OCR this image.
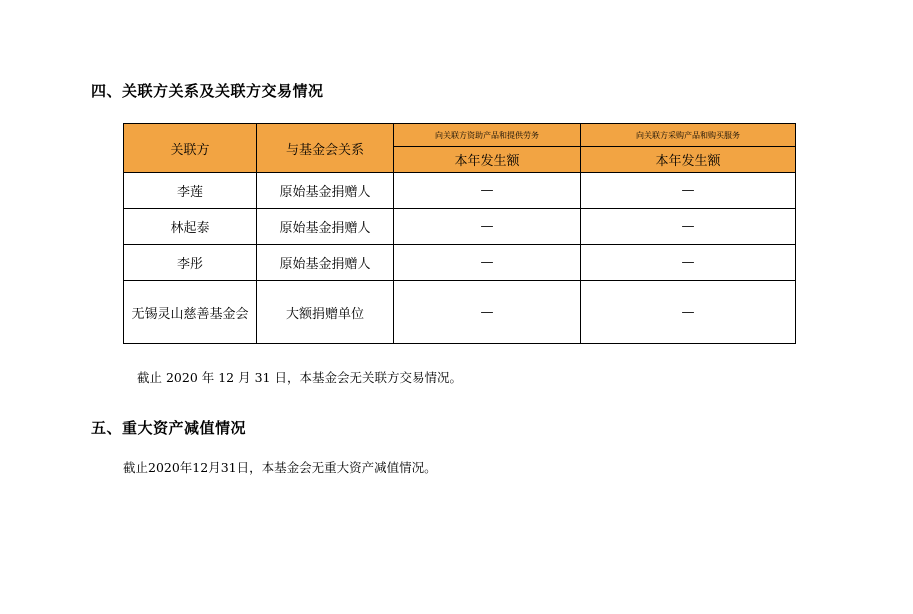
四、关联方关系及关联方交易情况
关联方	与基金会关系	向关联方资助产品和提供劳务	向关联方采购产品和购买服务
		本年发生额	本年发生额
李莲	原始基金捐赠人	—	—
林起泰	原始基金捐赠人	—	—
李彤	原始基金捐赠人	—	—
无锡灵山慈善基金会	大额捐赠单位	—	—
截止 2020 年 12 月 31 日，本基金会无关联方交易情况。
五、重大资产减值情况
截止2020年12月31日，本基金会无重大资产减值情况。
